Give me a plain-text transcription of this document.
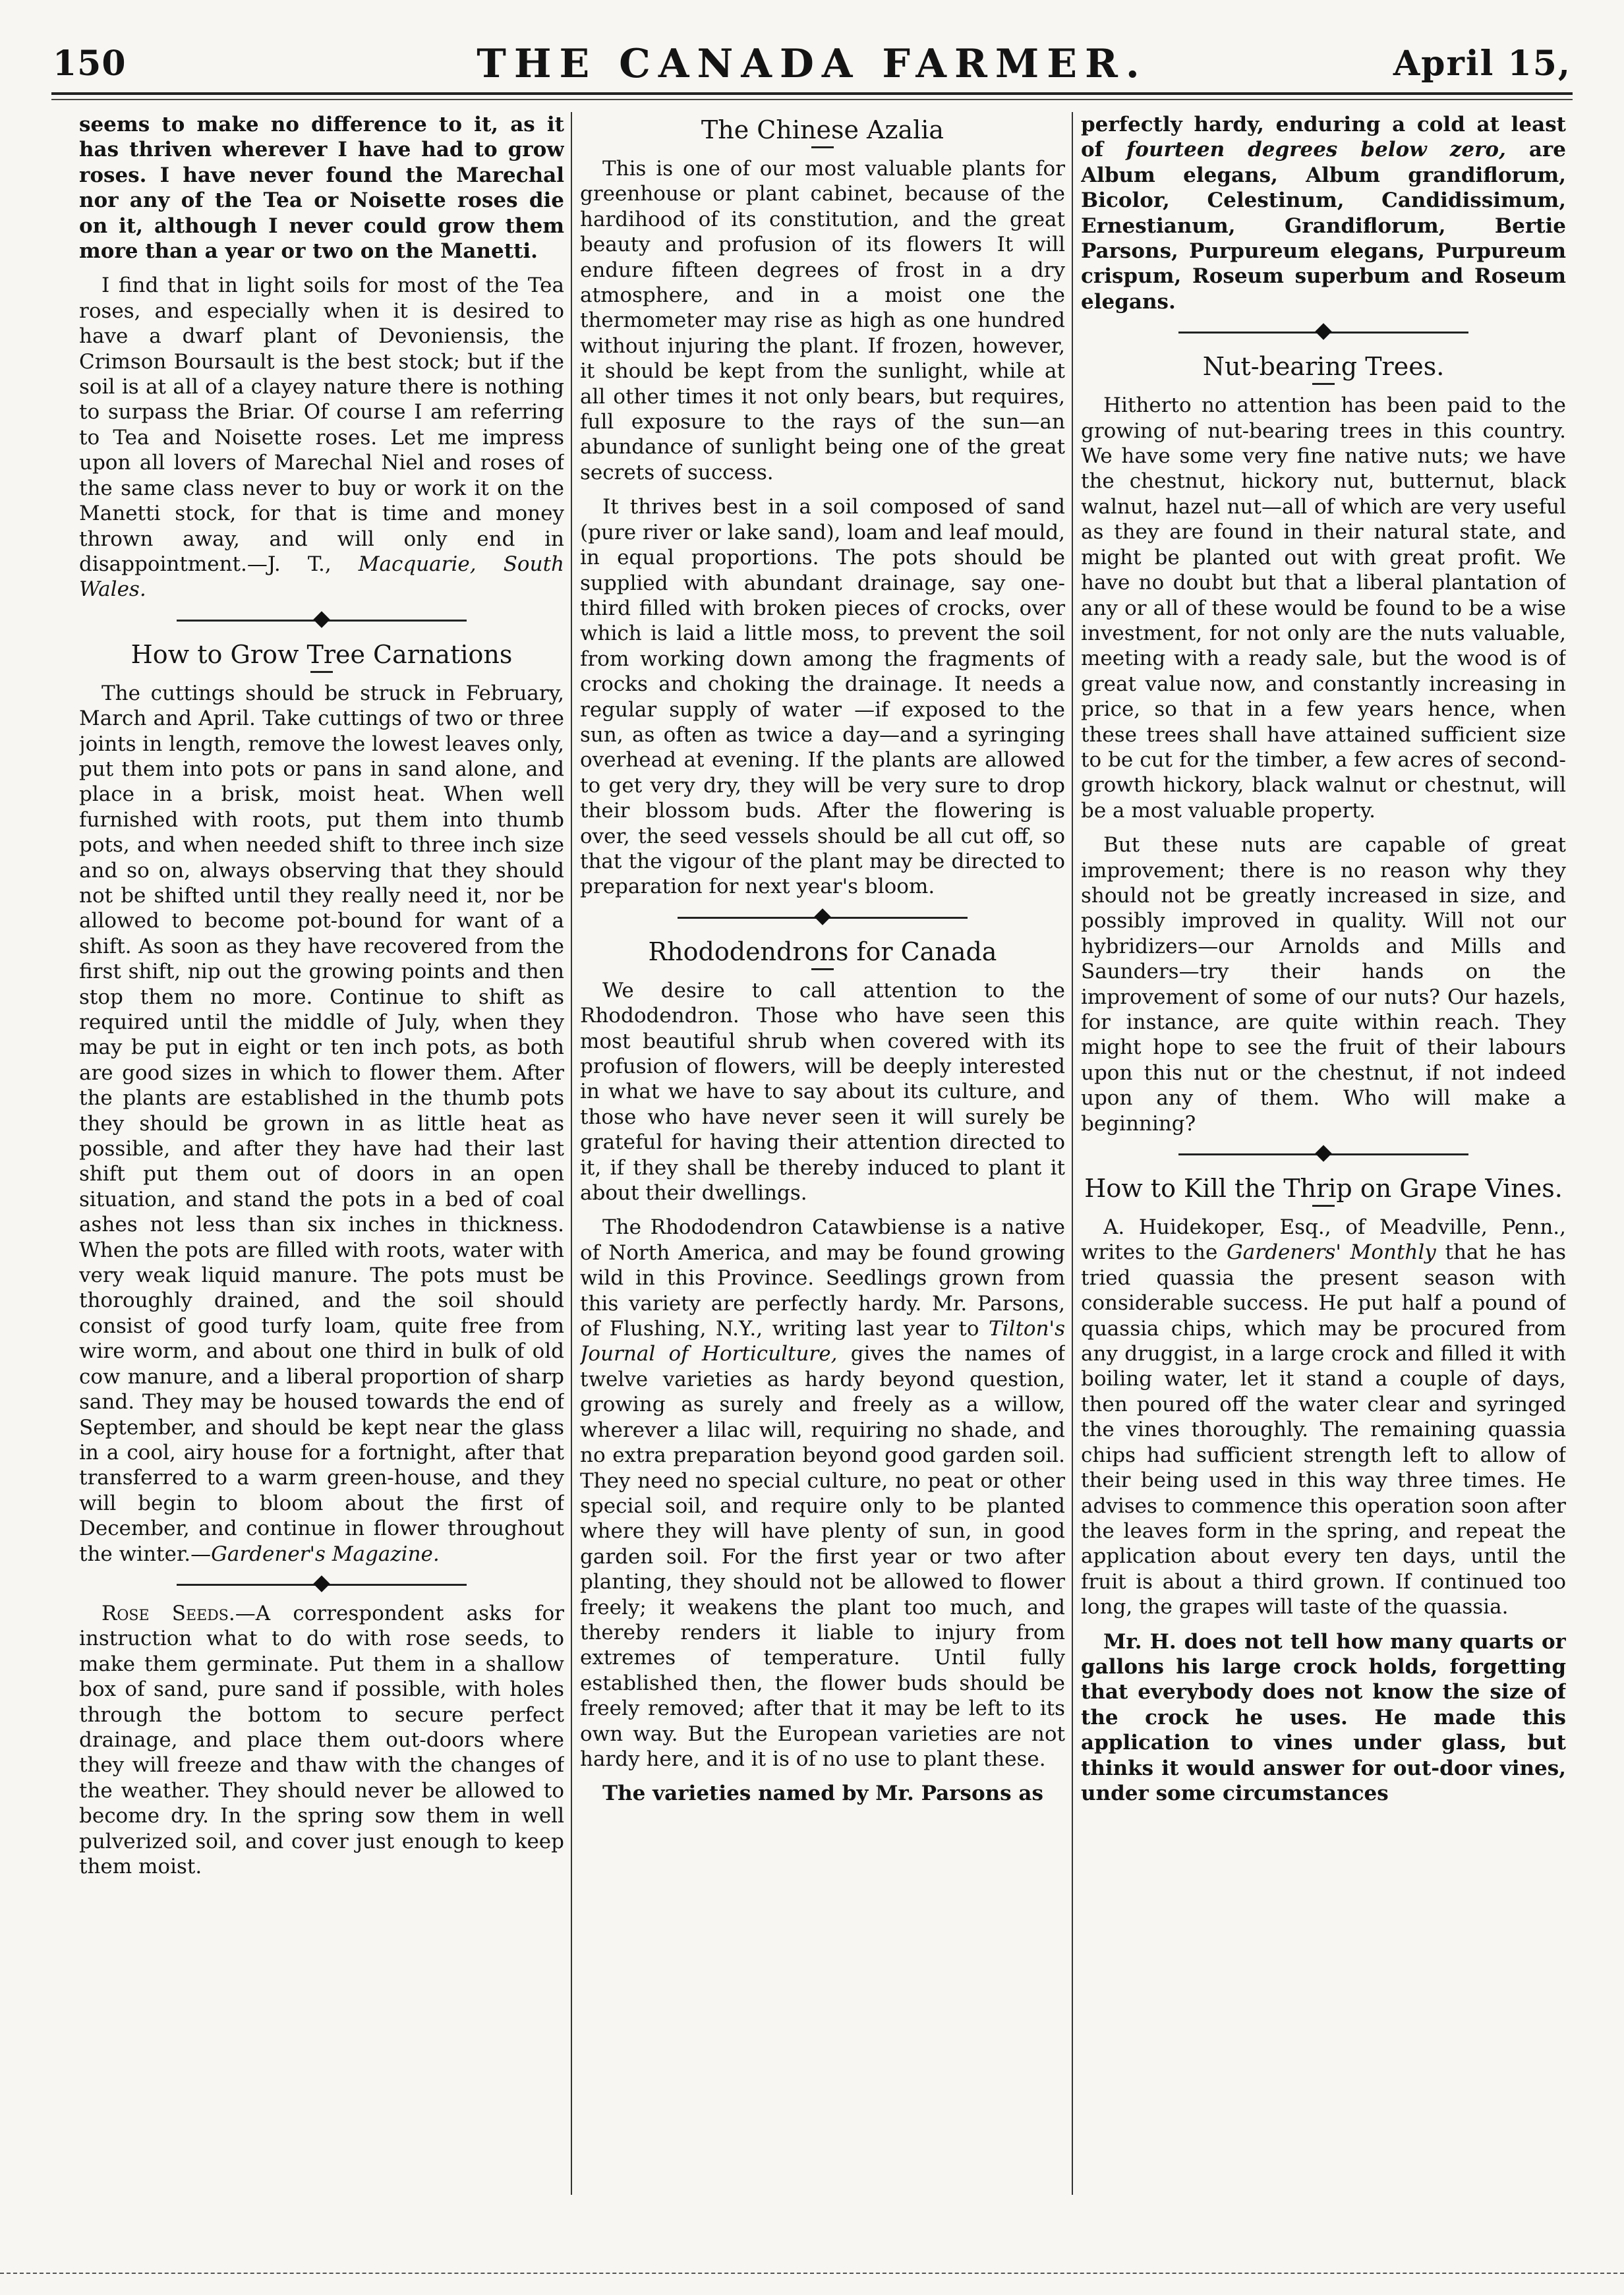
150	THE CANADA FARMER.	April 15,

seems to make no difference to it, as it has thriven wherever I have had to grow roses. I have never found the Marechal nor any of the Tea or Noisette roses die on it, although I never could grow them more than a year or two on the Manetti.

I find that in light soils for most of the Tea roses, and especially when it is desired to have a dwarf plant of Devoniensis, the Crimson Boursault is the best stock; but if the soil is at all of a clayey nature there is nothing to surpass the Briar. Of course I am referring to Tea and Noisette roses. Let me impress upon all lovers of Marechal Niel and roses of the same class never to buy or work it on the Manetti stock, for that is time and money thrown away, and will only end in disappointment.—J. T., Macquarie, South Wales.

How to Grow Tree Carnations

The cuttings should be struck in February, March and April. Take cuttings of two or three joints in length, remove the lowest leaves only, put them into pots or pans in sand alone, and place in a brisk, moist heat. When well furnished with roots, put them into thumb pots, and when needed shift to three inch size and so on, always observing that they should not be shifted until they really need it, nor be allowed to become pot-bound for want of a shift. As soon as they have recovered from the first shift, nip out the growing points and then stop them no more. Continue to shift as required until the middle of July, when they may be put in eight or ten inch pots, as both are good sizes in which to flower them. After the plants are established in the thumb pots they should be grown in as little heat as possible, and after they have had their last shift put them out of doors in an open situation, and stand the pots in a bed of coal ashes not less than six inches in thickness. When the pots are filled with roots, water with very weak liquid manure. The pots must be thoroughly drained, and the soil should consist of good turfy loam, quite free from wire worm, and about one third in bulk of old cow manure, and a liberal proportion of sharp sand. They may be housed towards the end of September, and should be kept near the glass in a cool, airy house for a fortnight, after that transferred to a warm green-house, and they will begin to bloom about the first of December, and continue in flower throughout the winter.—Gardener's Magazine.

Rose Seeds.—A correspondent asks for instruction what to do with rose seeds, to make them germinate. Put them in a shallow box of sand, pure sand if possible, with holes through the bottom to secure perfect drainage, and place them out-doors where they will freeze and thaw with the changes of the weather. They should never be allowed to become dry. In the spring sow them in well pulverized soil, and cover just enough to keep them moist.

The Chinese Azalia

This is one of our most valuable plants for greenhouse or plant cabinet, because of the hardihood of its constitution, and the great beauty and profusion of its flowers It will endure fifteen degrees of frost in a dry atmosphere, and in a moist one the thermometer may rise as high as one hundred without injuring the plant. If frozen, however, it should be kept from the sunlight, while at all other times it not only bears, but requires, full exposure to the rays of the sun—an abundance of sunlight being one of the great secrets of success.

It thrives best in a soil composed of sand (pure river or lake sand), loam and leaf mould, in equal proportions. The pots should be supplied with abundant drainage, say one-third filled with broken pieces of crocks, over which is laid a little moss, to prevent the soil from working down among the fragments of crocks and choking the drainage. It needs a regular supply of water —if exposed to the sun, as often as twice a day—and a syringing overhead at evening. If the plants are allowed to get very dry, they will be very sure to drop their blossom buds. After the flowering is over, the seed vessels should be all cut off, so that the vigour of the plant may be directed to preparation for next year's bloom.

Rhododendrons for Canada

We desire to call attention to the Rhododendron. Those who have seen this most beautiful shrub when covered with its profusion of flowers, will be deeply interested in what we have to say about its culture, and those who have never seen it will surely be grateful for having their attention directed to it, if they shall be thereby induced to plant it about their dwellings.

The Rhododendron Catawbiense is a native of North America, and may be found growing wild in this Province. Seedlings grown from this variety are perfectly hardy. Mr. Parsons, of Flushing, N.Y., writing last year to Tilton's Journal of Horticulture, gives the names of twelve varieties as hardy beyond question, growing as surely and freely as a willow, wherever a lilac will, requiring no shade, and no extra preparation beyond good garden soil. They need no special culture, no peat or other special soil, and require only to be planted where they will have plenty of sun, in good garden soil. For the first year or two after planting, they should not be allowed to flower freely; it weakens the plant too much, and thereby renders it liable to injury from extremes of temperature. Until fully established then, the flower buds should be freely removed; after that it may be left to its own way. But the European varieties are not hardy here, and it is of no use to plant these.

The varieties named by Mr. Parsons as

perfectly hardy, enduring a cold at least of fourteen degrees below zero, are Album elegans, Album grandiflorum, Bicolor, Celestinum, Candidissimum, Ernestianum, Grandiflorum, Bertie Parsons, Purpureum elegans, Purpureum crispum, Roseum superbum and Roseum elegans.

Nut-bearing Trees.

Hitherto no attention has been paid to the growing of nut-bearing trees in this country. We have some very fine native nuts; we have the chestnut, hickory nut, butternut, black walnut, hazel nut—all of which are very useful as they are found in their natural state, and might be planted out with great profit. We have no doubt but that a liberal plantation of any or all of these would be found to be a wise investment, for not only are the nuts valuable, meeting with a ready sale, but the wood is of great value now, and constantly increasing in price, so that in a few years hence, when these trees shall have attained sufficient size to be cut for the timber, a few acres of second-growth hickory, black walnut or chestnut, will be a most valuable property.

But these nuts are capable of great improvement; there is no reason why they should not be greatly increased in size, and possibly improved in quality. Will not our hybridizers—our Arnolds and Mills and Saunders—try their hands on the improvement of some of our nuts? Our hazels, for instance, are quite within reach. They might hope to see the fruit of their labours upon this nut or the chestnut, if not indeed upon any of them. Who will make a beginning?

How to Kill the Thrip on Grape Vines.

A. Huidekoper, Esq., of Meadville, Penn., writes to the Gardeners' Monthly that he has tried quassia the present season with considerable success. He put half a pound of quassia chips, which may be procured from any druggist, in a large crock and filled it with boiling water, let it stand a couple of days, then poured off the water clear and syringed the vines thoroughly. The remaining quassia chips had sufficient strength left to allow of their being used in this way three times. He advises to commence this operation soon after the leaves form in the spring, and repeat the application about every ten days, until the fruit is about a third grown. If continued too long, the grapes will taste of the quassia.

Mr. H. does not tell how many quarts or gallons his large crock holds, forgetting that everybody does not know the size of the crock he uses. He made this application to vines under glass, but thinks it would answer for out-door vines, under some circumstances
